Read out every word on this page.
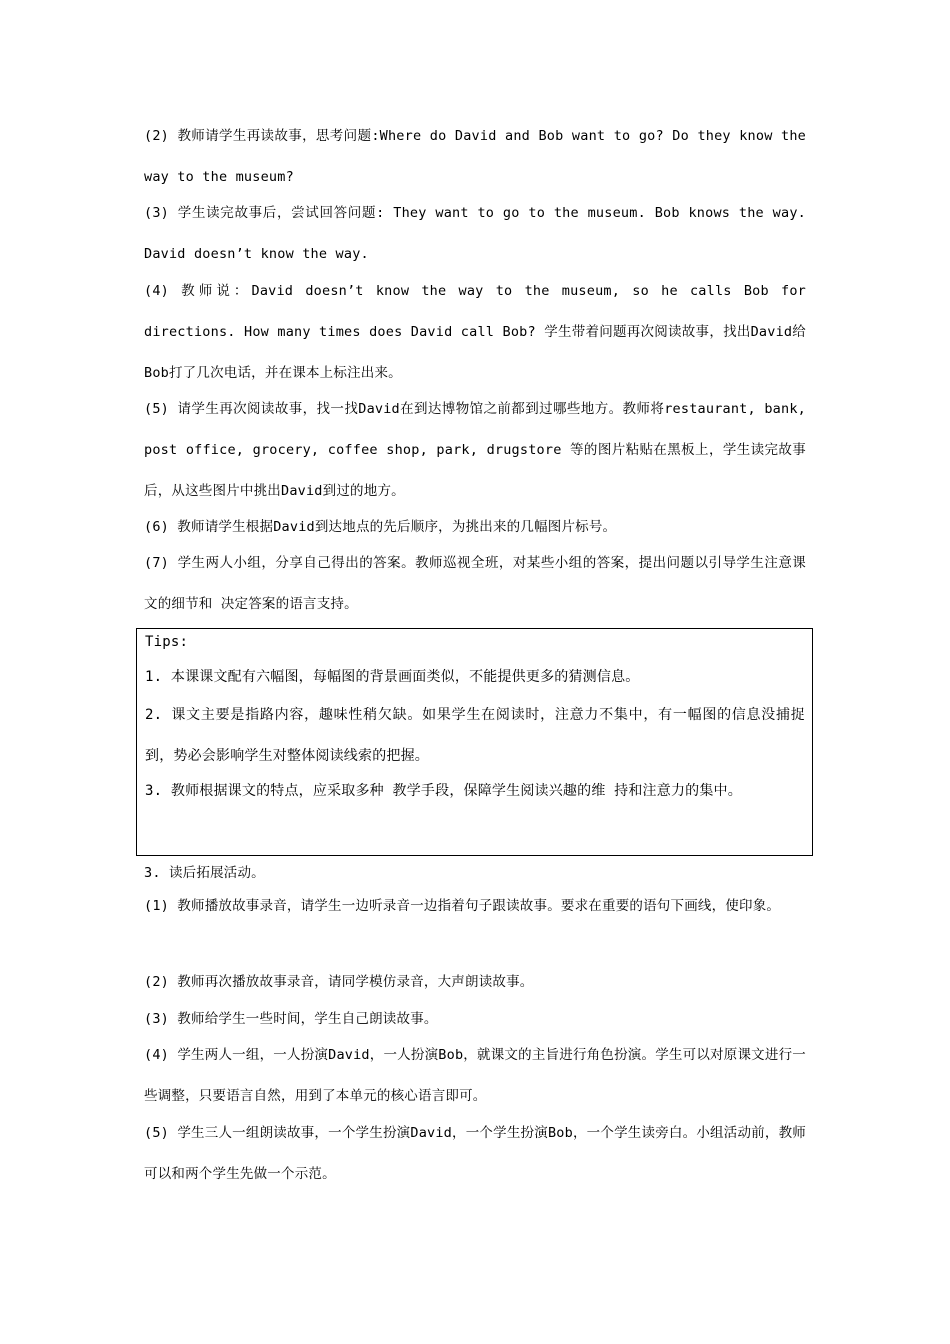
(2) 教师请学生再读故事，思考问题:Where do David and Bob want to go? Do they know the way to the museum?
(3) 学生读完故事后，尝试回答问题: They want to go to the museum. Bob knows the way. David doesn’t know the way.
(4) 教师说：David doesn’t know the way to the museum, so he calls Bob for directions. How many times does David call Bob? 学生带着问题再次阅读故事，找出David给Bob打了几次电话，并在课本上标注出来。
(5) 请学生再次阅读故事，找一找David在到达博物馆之前都到过哪些地方。教师将restaurant, bank, post office, grocery, coffee shop, park, drugstore 等的图片粘贴在黑板上，学生读完故事后，从这些图片中挑出David到过的地方。
(6) 教师请学生根据David到达地点的先后顺序，为挑出来的几幅图片标号。
(7) 学生两人小组，分享自己得出的答案。教师巡视全班，对某些小组的答案，提出问题以引导学生注意课文的细节和 决定答案的语言支持。
Tips:
1. 本课课文配有六幅图，每幅图的背景画面类似，不能提供更多的猜测信息。
2. 课文主要是指路内容，趣味性稍欠缺。如果学生在阅读时，注意力不集中，有一幅图的信息没捕捉到，势必会影响学生对整体阅读线索的把握。
3. 教师根据课文的特点，应采取多种 教学手段，保障学生阅读兴趣的维 持和注意力的集中。
3. 读后拓展活动。
(1) 教师播放故事录音，请学生一边听录音一边指着句子跟读故事。要求在重要的语句下画线，使印象。
(2) 教师再次播放故事录音，请同学模仿录音，大声朗读故事。
(3) 教师给学生一些时间，学生自己朗读故事。
(4) 学生两人一组，一人扮演David，一人扮演Bob，就课文的主旨进行角色扮演。学生可以对原课文进行一些调整，只要语言自然，用到了本单元的核心语言即可。
(5) 学生三人一组朗读故事，一个学生扮演David，一个学生扮演Bob，一个学生读旁白。小组活动前，教师可以和两个学生先做一个示范。
